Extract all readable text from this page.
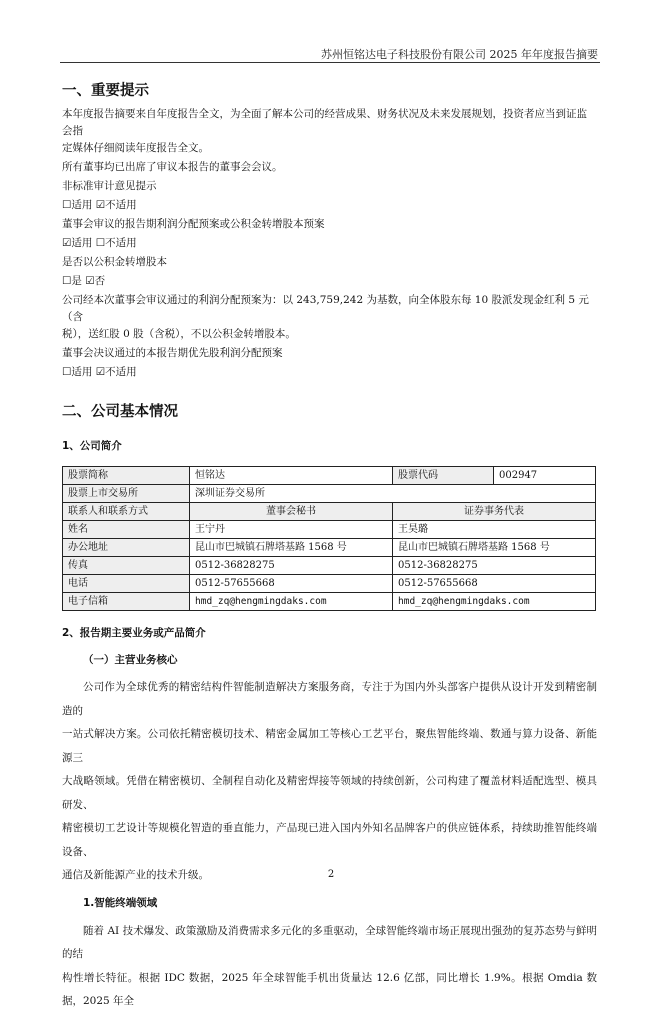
苏州恒铭达电子科技股份有限公司 2025 年年度报告摘要
一、重要提示

本年度报告摘要来自年度报告全文，为全面了解本公司的经营成果、财务状况及未来发展规划，投资者应当到证监会指

定媒体仔细阅读年度报告全文。

所有董事均已出席了审议本报告的董事会会议。

非标准审计意见提示

☐适用 ☑不适用

董事会审议的报告期利润分配预案或公积金转增股本预案

☑适用 ☐不适用

是否以公积金转增股本

☐是 ☑否

公司经本次董事会审议通过的利润分配预案为：以 243,759,242 为基数，向全体股东每 10 股派发现金红利 5 元（含

税），送红股 0 股（含税），不以公积金转增股本。

董事会决议通过的本报告期优先股利润分配预案

☐适用 ☑不适用

二、公司基本情况
1、公司简介
股票简称	恒铭达	股票代码	002947
股票上市交易所	深圳证券交易所		
联系人和联系方式	董事会秘书	证券事务代表	
姓名	王宁丹	王昊璐	
办公地址	昆山市巴城镇石牌塔基路 1568 号	昆山市巴城镇石牌塔基路 1568 号	
传真	0512-36828275	0512-36828275	
电话	0512-57655668	0512-57655668	
电子信箱	hmd_zq@hengmingdaks.com	hmd_zq@hengmingdaks.com	
2、报告期主要业务或产品简介
（一）主营业务核心

公司作为全球优秀的精密结构件智能制造解决方案服务商，专注于为国内外头部客户提供从设计开发到精密制造的

一站式解决方案。公司依托精密模切技术、精密金属加工等核心工艺平台，聚焦智能终端、数通与算力设备、新能源三

大战略领域。凭借在精密模切、全制程自动化及精密焊接等领域的持续创新，公司构建了覆盖材料适配选型、模具研发、

精密模切工艺设计等规模化智造的垂直能力，产品现已进入国内外知名品牌客户的供应链体系，持续助推智能终端设备、

通信及新能源产业的技术升级。

1.智能终端领域

随着 AI 技术爆发、政策激励及消费需求多元化的多重驱动，全球智能终端市场正展现出强劲的复苏态势与鲜明的结

构性增长特征。根据 IDC 数据，2025 年全球智能手机出货量达 12.6 亿部，同比增长 1.9%。根据 Omdia 数据，2025 年全

2
